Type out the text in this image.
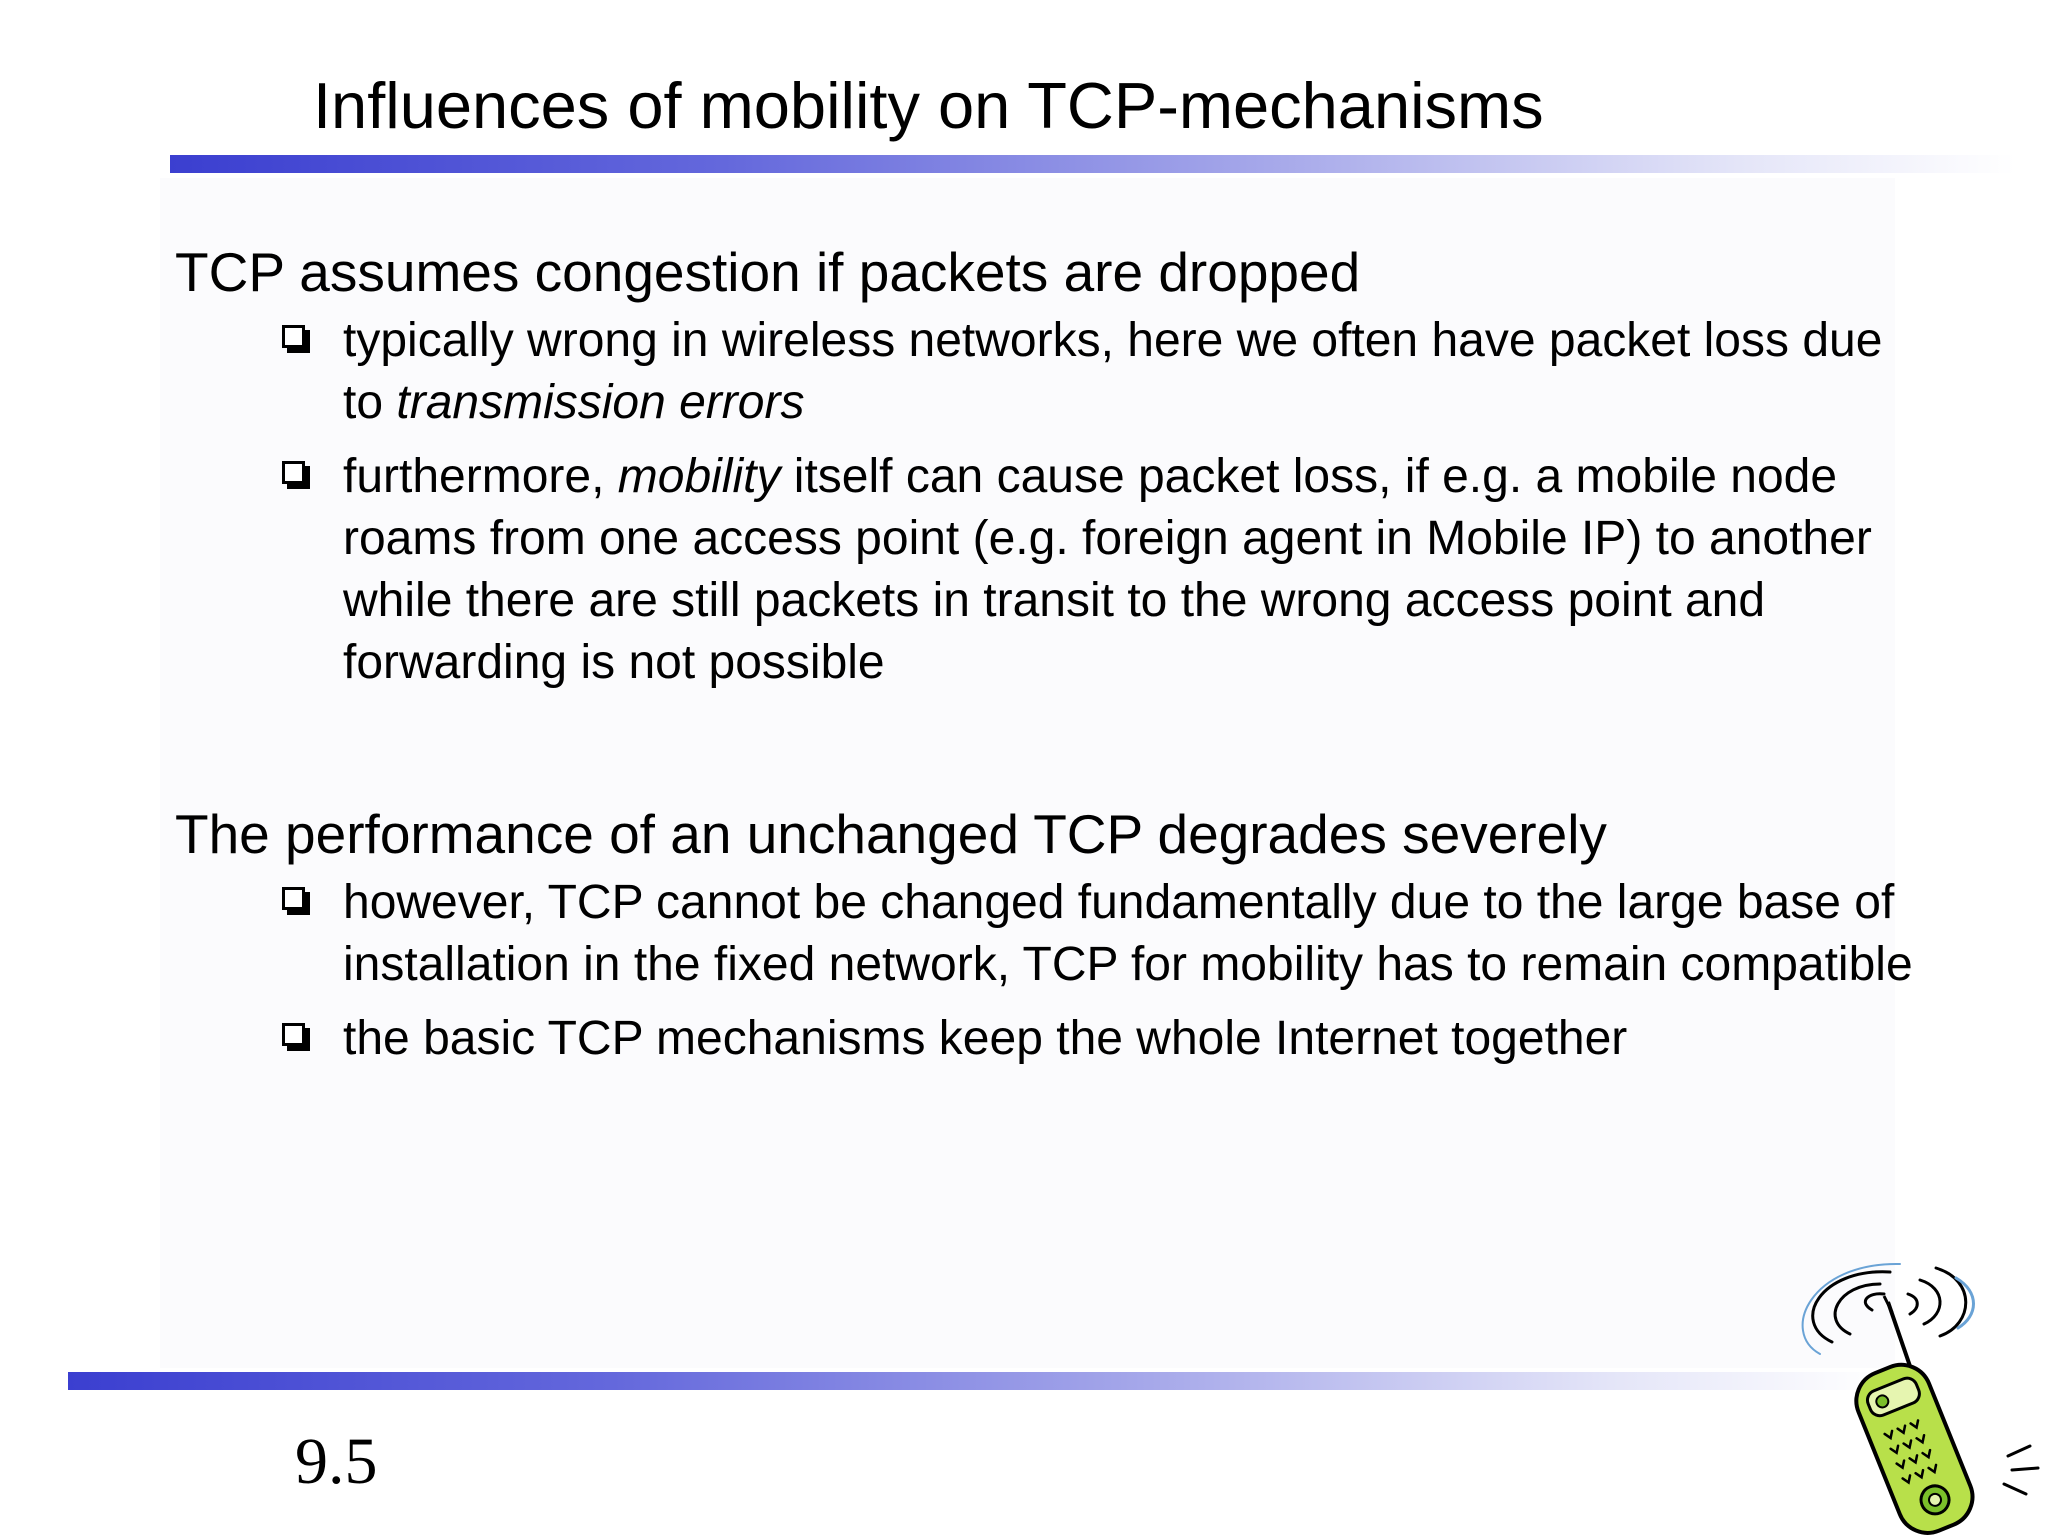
Influences of mobility on TCP-mechanisms
TCP assumes congestion if packets are dropped
typically wrong in wireless networks, here we often have packet loss due to transmission errors
furthermore, mobility itself can cause packet loss, if e.g. a mobile node roams from one access point (e.g. foreign agent in Mobile IP) to another while there are still packets in transit to the wrong access point and forwarding is not possible
The performance of an unchanged TCP degrades severely
however, TCP cannot be changed fundamentally due to the large base of installation in the fixed network, TCP for mobility has to remain compatible
the basic TCP mechanisms keep the whole Internet together
9.5
